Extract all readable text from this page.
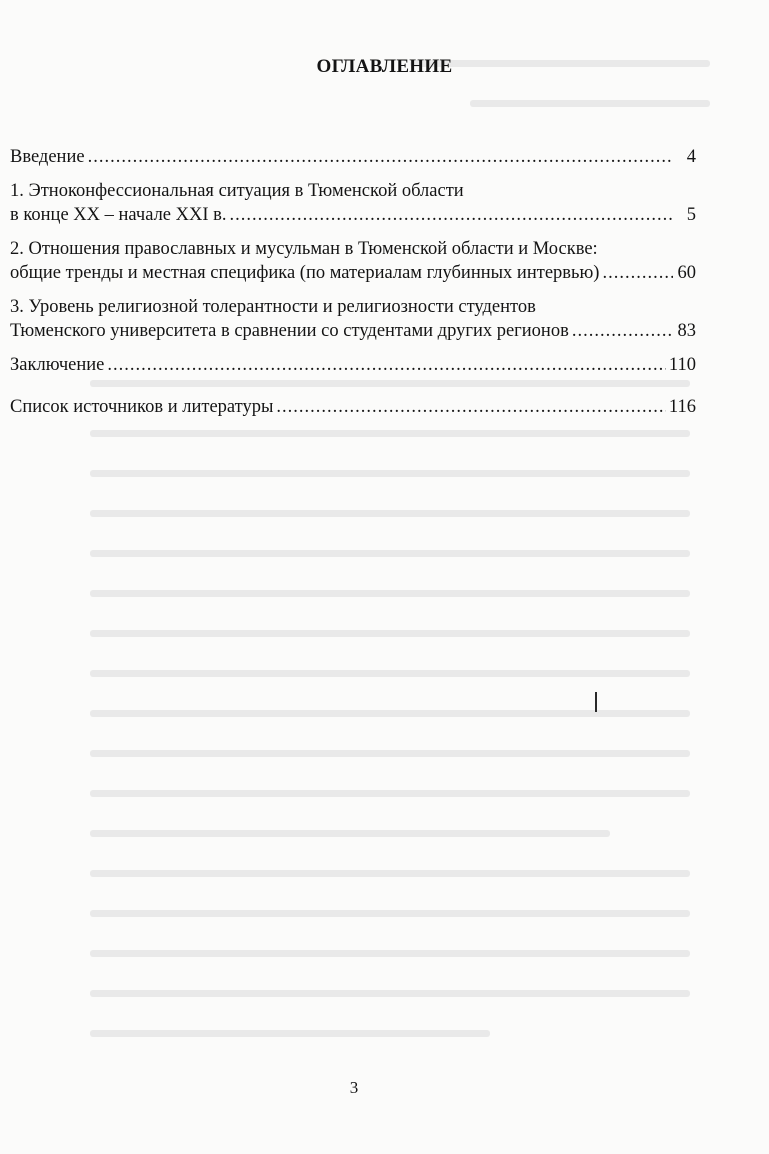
ОГЛАВЛЕНИЕ
Введение .....	4
1. Этноконфессиональная ситуация в Тюменской области
в конце XX – начале XXI в. .....	5
2. Отношения православных и мусульман в Тюменской области и Москве:
общие тренды и местная специфика (по материалам глубинных интервью) .....	60
3. Уровень религиозной толерантности и религиозности студентов
Тюменского университета в сравнении со студентами других регионов .....	83
Заключение .....	110
Список источников и литературы .....	116
3
